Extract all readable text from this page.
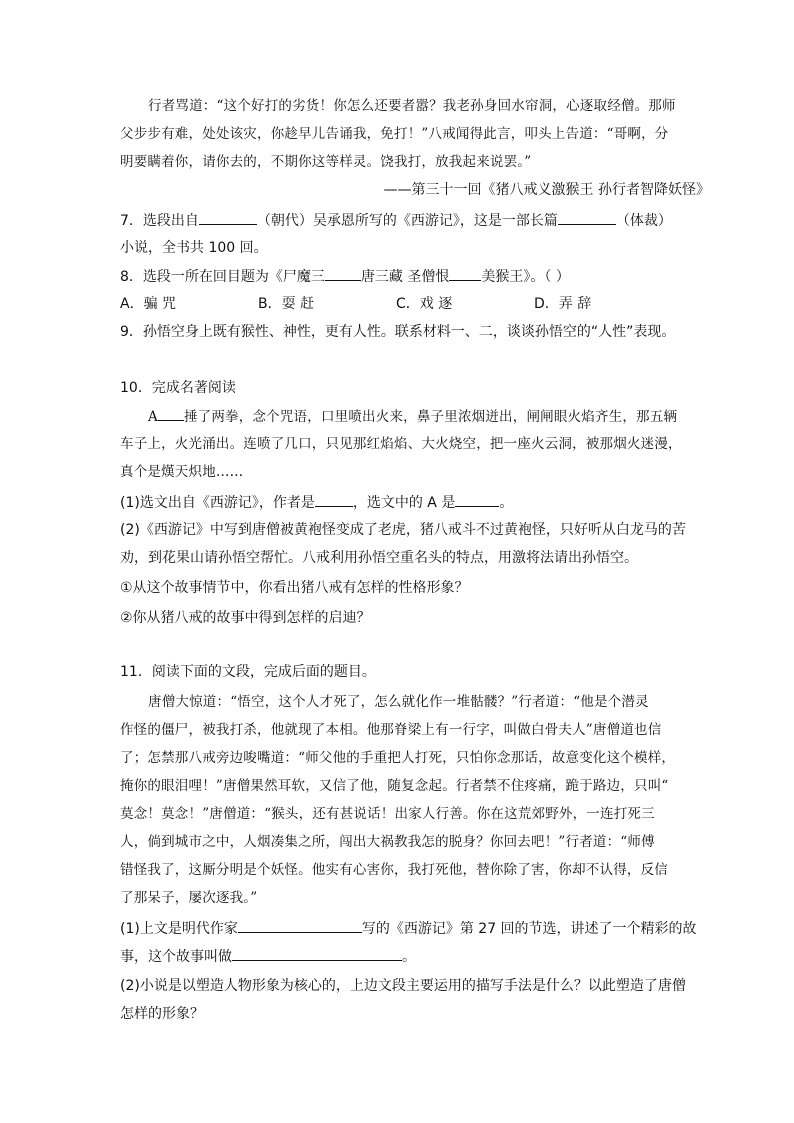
行者骂道：“这个好打的劣货！你怎么还要者嚣？我老孙身回水帘洞，心逐取经僧。那师
父步步有难，处处该灾，你趁早儿告诵我，免打！”八戒闻得此言，叩头上告道：“哥啊，分
明要瞒着你，请你去的，不期你这等样灵。饶我打，放我起来说罢。”
——第三十一回《猪八戒义激猴王 孙行者智降妖怪》
7．选段出自	（朝代）吴承恩所写的《西游记》，这是一部长篇	（体裁）
小说，全书共 100 回。
8．选段一所在回目题为《尸魔三	唐三藏 圣僧恨 美猴王》。（ ）
A．骗 咒	B．耍 赶	C．戏 逐	D．弄 辞
9．孙悟空身上既有猴性、神性，更有人性。联系材料一、二，谈谈孙悟空的“人性”表现。
10．完成名著阅读
A 捶了两拳，念个咒语，口里喷出火来，鼻子里浓烟迸出，闸闸眼火焰齐生，那五辆
车子上，火光涌出。连喷了几口，只见那红焰焰、大火烧空，把一座火云洞，被那烟火迷漫，
真个是熯天炽地……
(1)选文出自《西游记》，作者是	，选文中的 A 是	。
(2)《西游记》中写到唐僧被黄袍怪变成了老虎，猪八戒斗不过黄袍怪，只好听从白龙马的苦
劝，到花果山请孙悟空帮忙。八戒利用孙悟空重名头的特点，用激将法请出孙悟空。
①从这个故事情节中，你看出猪八戒有怎样的性格形象？
②你从猪八戒的故事中得到怎样的启迪？
11．阅读下面的文段，完成后面的题目。
唐僧大惊道：“悟空，这个人才死了，怎么就化作一堆骷髅？”行者道：“他是个潜灵
作怪的僵尸，被我打杀，他就现了本相。他那脊梁上有一行字，叫做白骨夫人”唐僧道也信
了；怎禁那八戒旁边唆嘴道：“师父他的手重把人打死，只怕你念那话，故意变化这个模样，
掩你的眼泪哩！”唐僧果然耳软，又信了他，随复念起。行者禁不住疼痛，跪于路边，只叫“
莫念！莫念！”唐僧道：“猴头，还有甚说话！出家人行善。你在这荒郊野外，一连打死三
人，倘到城市之中，人烟凑集之所，闯出大祸教我怎的脱身？你回去吧！”行者道：“师傅
错怪我了，这厮分明是个妖怪。他实有心害你，我打死他，替你除了害，你却不认得，反信
了那呆子，屡次逐我。”
(1)上文是明代作家	写的《西游记》第 27 回的节选，讲述了一个精彩的故
事，这个故事叫做	。
(2)小说是以塑造人物形象为核心的，上边文段主要运用的描写手法是什么？以此塑造了唐僧
怎样的形象？
